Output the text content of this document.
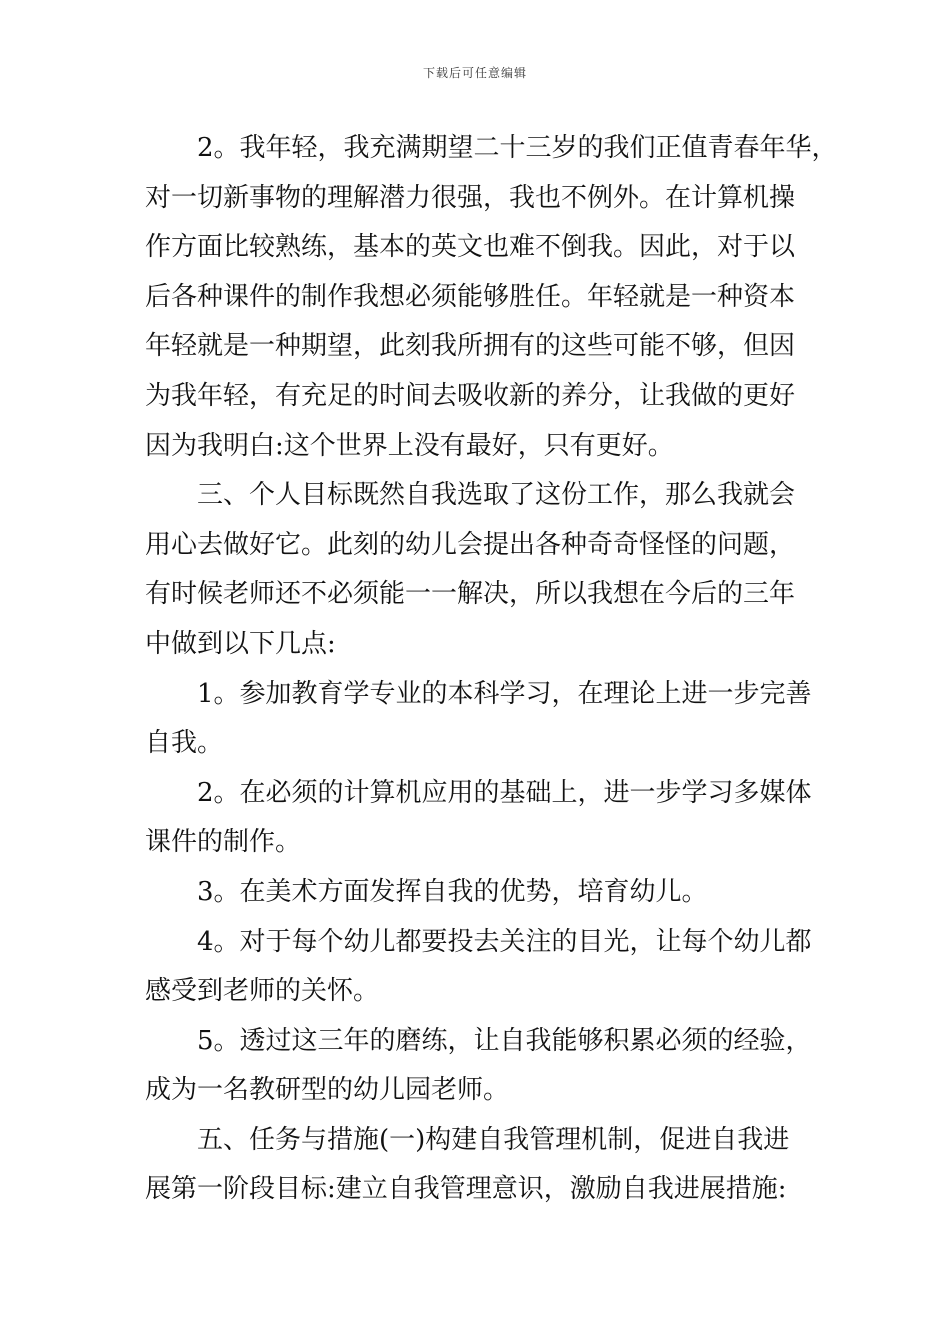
下载后可任意编辑
2。我年轻，我充满期望二十三岁的我们正值青春年华，
对一切新事物的理解潜力很强，我也不例外。在计算机操
作方面比较熟练，基本的英文也难不倒我。因此，对于以
后各种课件的制作我想必须能够胜任。年轻就是一种资本
年轻就是一种期望，此刻我所拥有的这些可能不够，但因
为我年轻，有充足的时间去吸收新的养分，让我做的更好
因为我明白:这个世界上没有最好，只有更好。
三、个人目标既然自我选取了这份工作，那么我就会
用心去做好它。此刻的幼儿会提出各种奇奇怪怪的问题，
有时候老师还不必须能一一解决，所以我想在今后的三年
中做到以下几点:
1。参加教育学专业的本科学习，在理论上进一步完善
自我。
2。在必须的计算机应用的基础上，进一步学习多媒体
课件的制作。
3。在美术方面发挥自我的优势，培育幼儿。
4。对于每个幼儿都要投去关注的目光，让每个幼儿都
感受到老师的关怀。
5。透过这三年的磨练，让自我能够积累必须的经验，
成为一名教研型的幼儿园老师。
五、任务与措施(一)构建自我管理机制，促进自我进
展第一阶段目标:建立自我管理意识，激励自我进展措施:
